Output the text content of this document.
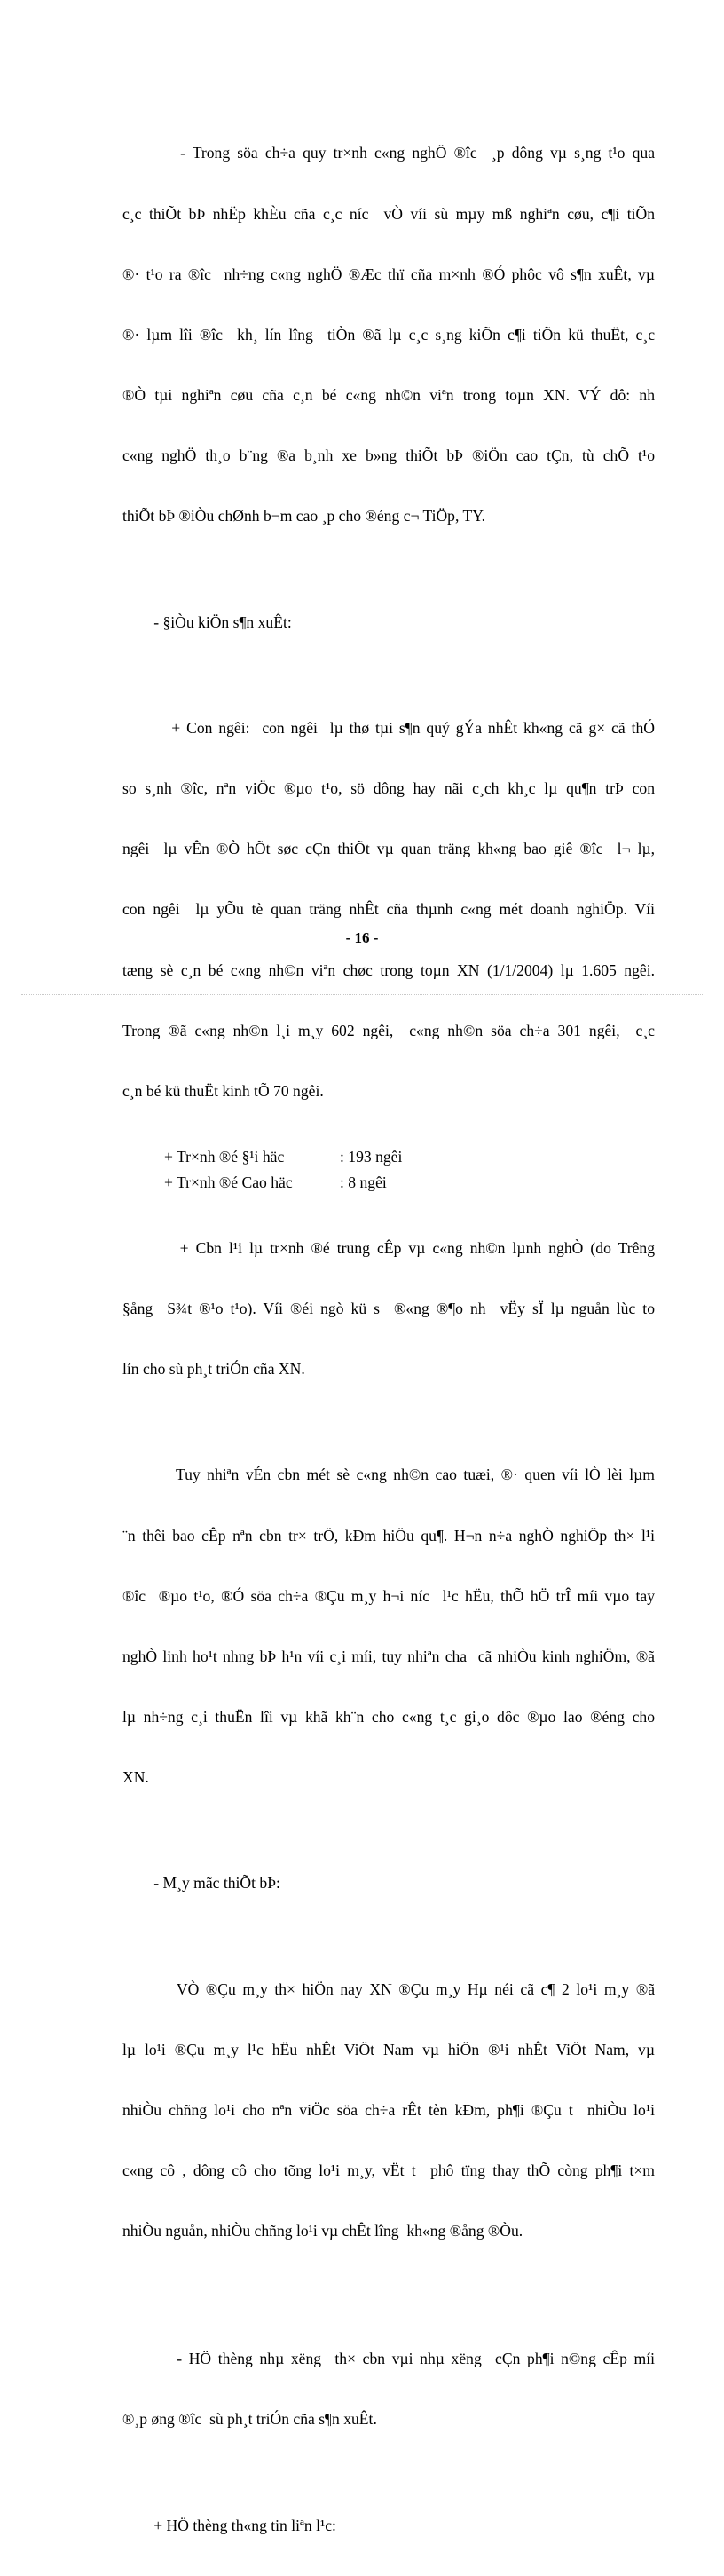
- Trong söa ch÷a quy tr×nh c«ng nghÖ ®îc  ¸p dông vµ s¸ng t¹o qua

c¸c thiÕt bÞ nhËp khÈu cña c¸c níc  vÒ víi sù mµy mß nghiªn cøu, c¶i tiÕn

®· t¹o ra ®îc  nh÷ng c«ng nghÖ ®Æc thï cña m×nh ®Ó phôc vô s¶n xuÊt, vµ

®· lµm lîi ®îc  kh¸ lín lîng  tiÒn ®ã lµ c¸c s¸ng kiÕn c¶i tiÕn kü thuËt, c¸c

®Ò tµi nghiªn cøu cña c¸n bé c«ng nh©n viªn trong toµn XN. VÝ dô: nh

c«ng nghÖ th¸o b¨ng ®a b¸nh xe b»ng thiÕt bÞ ®iÖn cao tÇn, tù chÕ t¹o

thiÕt bÞ ®iÒu chØnh b¬m cao ¸p cho ®éng c¬ TiÖp, TY.

- §iÒu kiÖn s¶n xuÊt:

+ Con ngêi:  con ngêi  lµ thø tµi s¶n quý gÝa nhÊt kh«ng cã g× cã thÓ

so s¸nh ®îc, nªn viÖc ®µo t¹o, sö dông hay nãi c¸ch kh¸c lµ qu¶n trÞ con

ngêi  lµ vÊn ®Ò hÕt søc cÇn thiÕt vµ quan träng kh«ng bao giê ®îc  l¬ lµ,

con ngêi  lµ yÕu tè quan träng nhÊt cña thµnh c«ng mét doanh nghiÖp. Víi

tæng sè c¸n bé c«ng nh©n viªn chøc trong toµn XN (1/1/2004) lµ 1.605 ngêi.

Trong ®ã c«ng nh©n l¸i m¸y 602 ngêi,  c«ng nh©n söa ch÷a 301 ngêi,  c¸c

c¸n bé kü thuËt kinh tÕ 70 ngêi.

+ Tr×nh ®é §¹i häc	: 193 ngêi
+ Tr×nh ®é Cao häc	: 8 ngêi

+ Cbn l¹i lµ tr×nh ®é trung cÊp vµ c«ng nh©n lµnh nghÒ (do Trêng

§ång  S¾t ®¹o t¹o). Víi ®éi ngò kü s  ®«ng ®¶o nh  vËy sÏ lµ nguån lùc to

lín cho sù ph¸t triÓn cña XN.

Tuy nhiªn vÉn cbn mét sè c«ng nh©n cao tuæi, ®· quen víi lÒ lèi lµm

¨n thêi bao cÊp nªn cbn tr× trÖ, kÐm hiÖu qu¶. H¬n n÷a nghÒ nghiÖp th× l¹i

®îc  ®µo t¹o, ®Ó söa ch÷a ®Çu m¸y h¬i níc  l¹c hËu, thÕ hÖ trÎ míi vµo tay

nghÒ linh ho¹t nhng bÞ h¹n víi c¸i míi, tuy nhiªn cha  cã nhiÒu kinh nghiÖm, ®ã

lµ nh÷ng c¸i thuËn lîi vµ khã kh¨n cho c«ng t¸c gi¸o dôc ®µo lao ®éng cho

XN.

- M¸y mãc thiÕt bÞ:

VÒ ®Çu m¸y th× hiÖn nay XN ®Çu m¸y Hµ néi cã c¶ 2 lo¹i m¸y ®ã

lµ lo¹i ®Çu m¸y l¹c hËu nhÊt ViÖt Nam vµ hiÖn ®¹i nhÊt ViÖt Nam, vµ

nhiÒu chñng lo¹i cho nªn viÖc söa ch÷a rÊt tèn kÐm, ph¶i ®Çu t  nhiÒu lo¹i

c«ng cô , dông cô cho tõng lo¹i m¸y, vËt t  phô tïng thay thÕ còng ph¶i t×m

nhiÒu nguån, nhiÒu chñng lo¹i vµ chÊt lîng  kh«ng ®ång ®Òu.

- HÖ thèng nhµ xëng  th× cbn vµi nhµ xëng  cÇn ph¶i n©ng cÊp míi

®¸p øng ®îc  sù ph¸t triÓn cña s¶n xuÊt.

+ HÖ thèng th«ng tin liªn l¹c:

- 16 -
